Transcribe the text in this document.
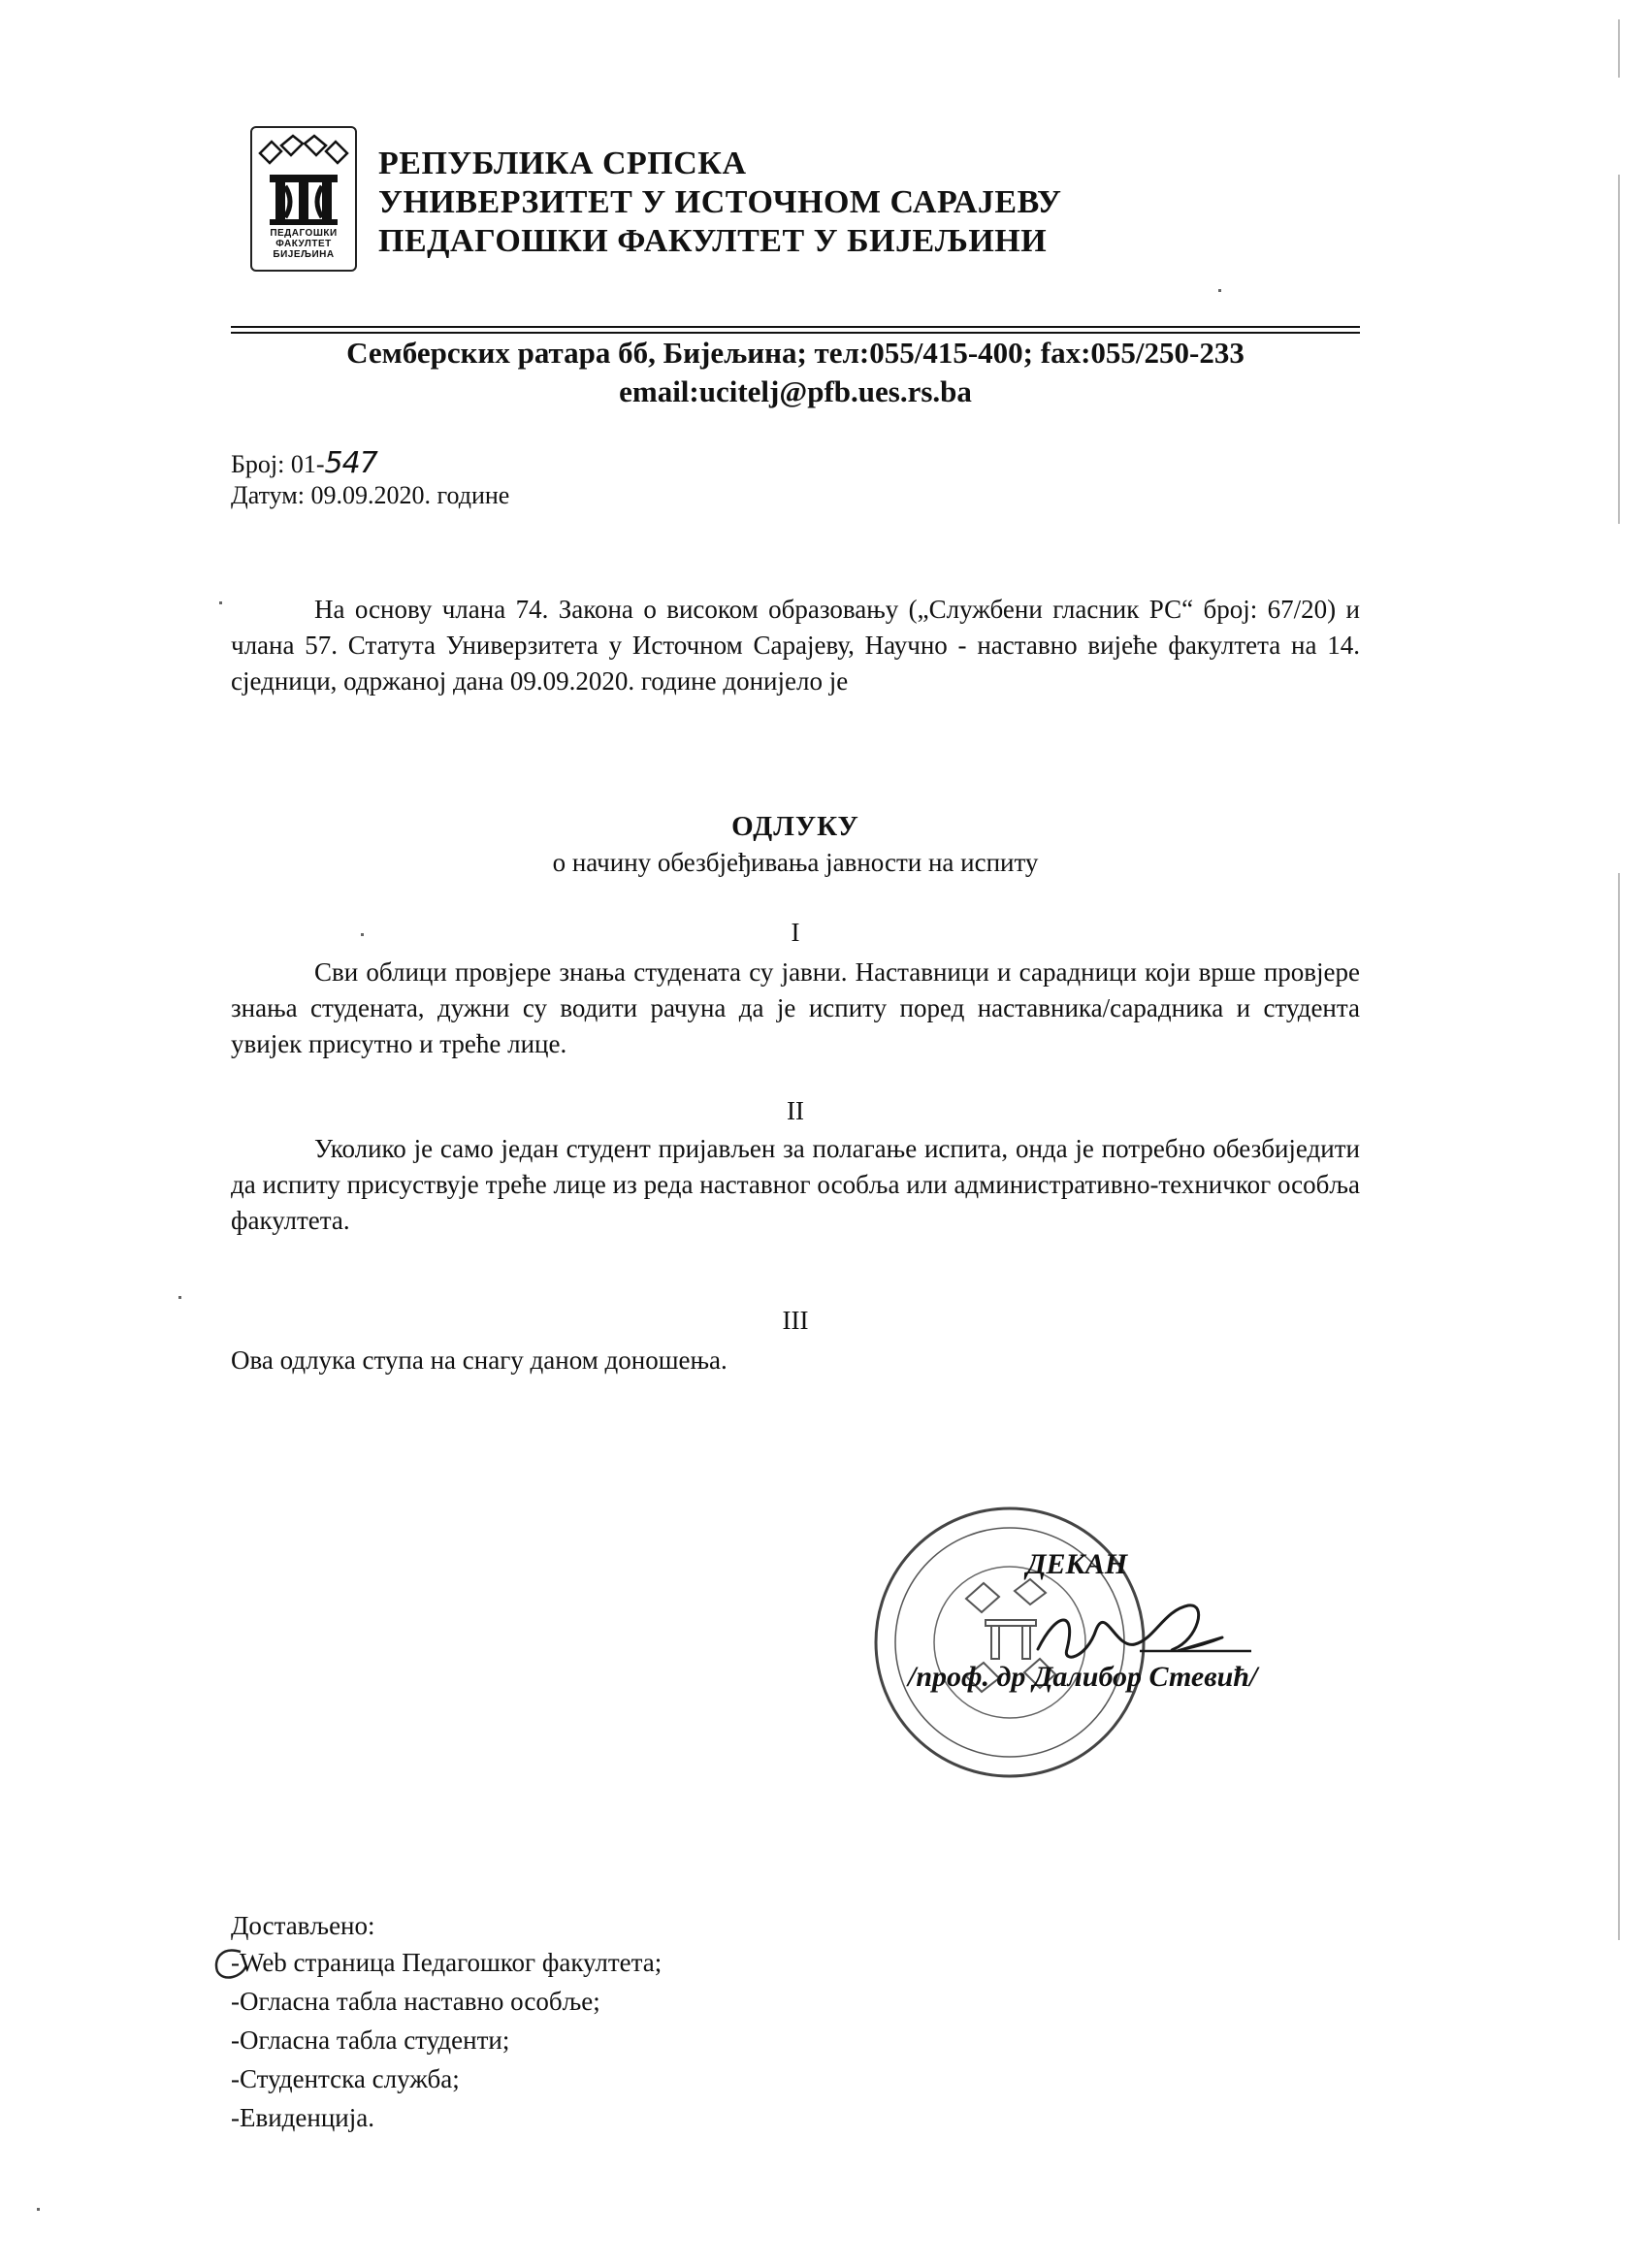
ПЕДАГОШКИ
ФАКУЛТЕТ
БИЈЕЉИНА
РЕПУБЛИКА СРПСКА
УНИВЕРЗИТЕТ У ИСТОЧНОМ САРАЈЕВУ
ПЕДАГОШКИ ФАКУЛТЕТ У БИЈЕЉИНИ
Семберских ратара бб, Бијељина; тел:055/415-400; fax:055/250-233
email:ucitelj@pfb.ues.rs.ba
Број: 01-547
Датум: 09.09.2020. године
На основу члана 74. Закона о високом образовању („Службени гласник РС“ број: 67/20) и члана 57. Статута Универзитета у Источном Сарајеву, Научно - наставно вијеће факултета на 14. сједници, одржаној дана 09.09.2020. године донијело је
ОДЛУКУ
о начину обезбјеђивања јавности на испиту
I
Сви облици провјере знања студената су јавни. Наставници и сарадници који врше провјере знања студената, дужни су водити рачуна да је испиту поред наставника/сарадника и студента увијек присутно и треће лице.
II
Уколико је само један студент пријављен за полагање испита, онда је потребно обезбиједити да испиту присуствује треће лице из реда наставног особља или административно-техничког особља факултета.
III
Ова одлука ступа на снагу даном доношења.
ДЕКАН
/проф. др Далибор Стевић/
Достављено:
-Web страница Педагошког факултета;
-Огласна табла наставно особље;
-Огласна табла студенти;
-Студентска служба;
-Евиденција.
